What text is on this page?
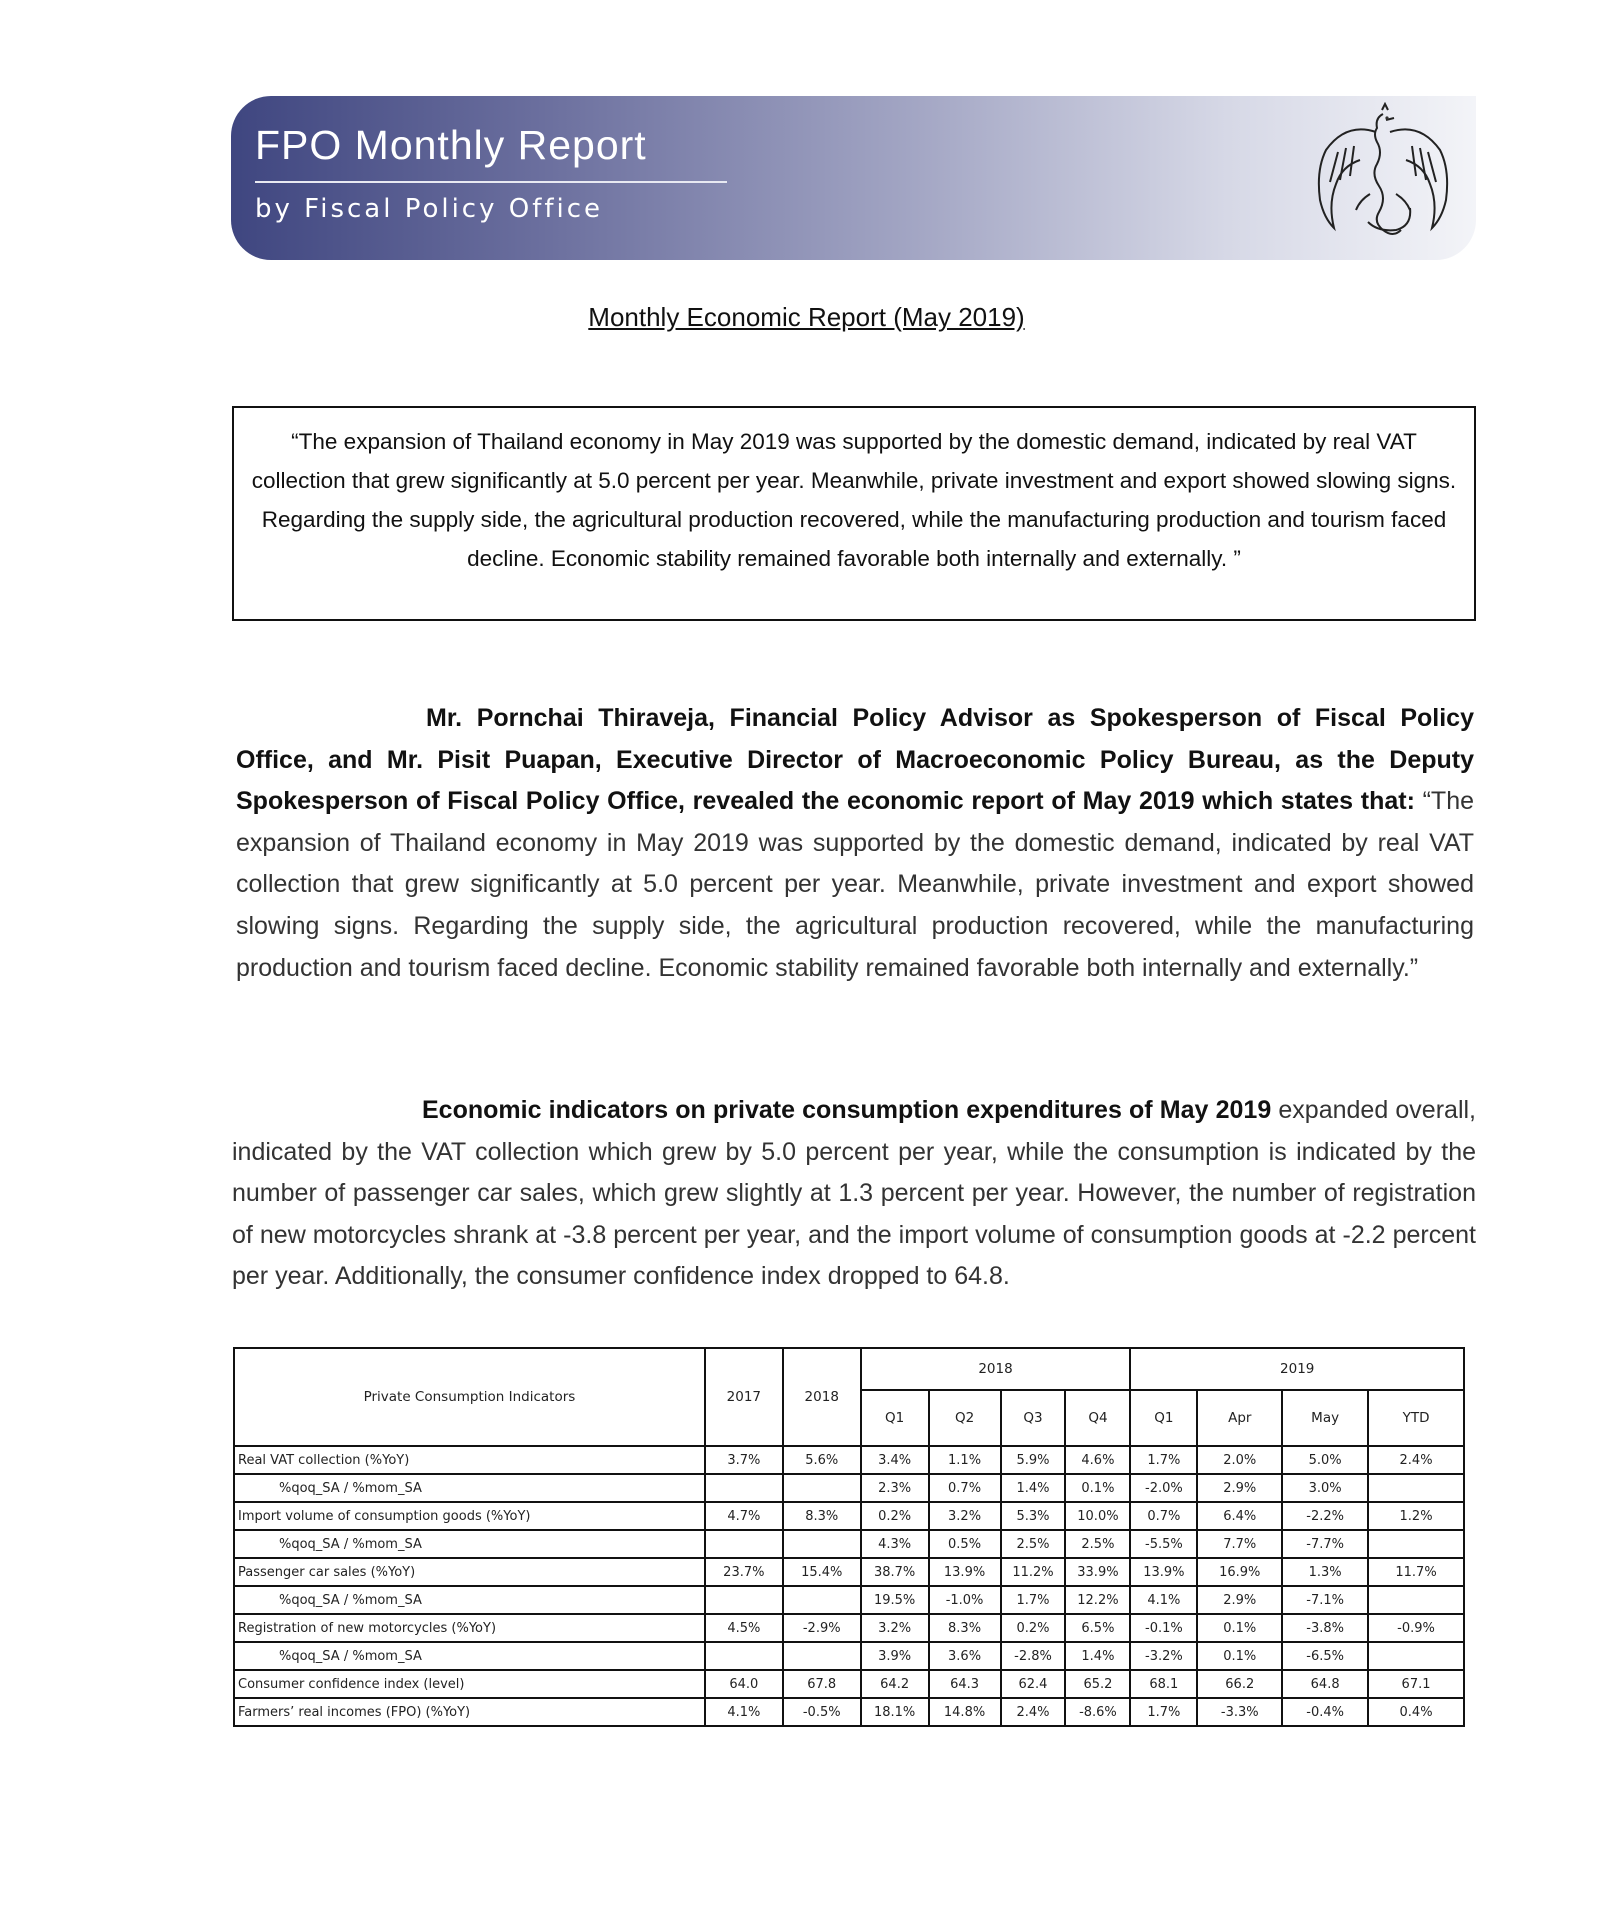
FPO Monthly Report
by Fiscal Policy Office
Monthly Economic Report (May 2019)
“The expansion of Thailand economy in May 2019 was supported by the domestic demand, indicated by real VAT collection that grew significantly at 5.0 percent per year. Meanwhile, private investment and export showed slowing signs. Regarding the supply side, the agricultural production recovered, while the manufacturing production and tourism faced decline. Economic stability remained favorable both internally and externally. ”
Mr. Pornchai Thiraveja, Financial Policy Advisor as Spokesperson of Fiscal Policy Office, and Mr. Pisit Puapan, Executive Director of Macroeconomic Policy Bureau, as the Deputy Spokesperson of Fiscal Policy Office, revealed the economic report of May 2019 which states that: “The expansion of Thailand economy in May 2019 was supported by the domestic demand, indicated by real VAT collection that grew significantly at 5.0 percent per year. Meanwhile, private investment and export showed slowing signs. Regarding the supply side, the agricultural production recovered, while the manufacturing production and tourism faced decline. Economic stability remained favorable both internally and externally.”
Economic indicators on private consumption expenditures of May 2019 expanded overall, indicated by the VAT collection which grew by 5.0 percent per year, while the consumption is indicated by the number of passenger car sales, which grew slightly at 1.3 percent per year. However, the number of registration of new motorcycles shrank at -3.8 percent per year, and the import volume of consumption goods at -2.2 percent per year. Additionally, the consumer confidence index dropped to 64.8.
Private Consumption Indicators	2017	2018	2018				2019			
			Q1	Q2	Q3	Q4	Q1	Apr	May	YTD
Real VAT collection (%YoY)	3.7%	5.6%	3.4%	1.1%	5.9%	4.6%	1.7%	2.0%	5.0%	2.4%
%qoq_SA / %mom_SA			2.3%	0.7%	1.4%	0.1%	-2.0%	2.9%	3.0%	
Import volume of consumption goods (%YoY)	4.7%	8.3%	0.2%	3.2%	5.3%	10.0%	0.7%	6.4%	-2.2%	1.2%
%qoq_SA / %mom_SA			4.3%	0.5%	2.5%	2.5%	-5.5%	7.7%	-7.7%	
Passenger car sales (%YoY)	23.7%	15.4%	38.7%	13.9%	11.2%	33.9%	13.9%	16.9%	1.3%	11.7%
%qoq_SA / %mom_SA			19.5%	-1.0%	1.7%	12.2%	4.1%	2.9%	-7.1%	
Registration of new motorcycles (%YoY)	4.5%	-2.9%	3.2%	8.3%	0.2%	6.5%	-0.1%	0.1%	-3.8%	-0.9%
%qoq_SA / %mom_SA			3.9%	3.6%	-2.8%	1.4%	-3.2%	0.1%	-6.5%	
Consumer confidence index (level)	64.0	67.8	64.2	64.3	62.4	65.2	68.1	66.2	64.8	67.1
Farmers’ real incomes (FPO) (%YoY)	4.1%	-0.5%	18.1%	14.8%	2.4%	-8.6%	1.7%	-3.3%	-0.4%	0.4%
